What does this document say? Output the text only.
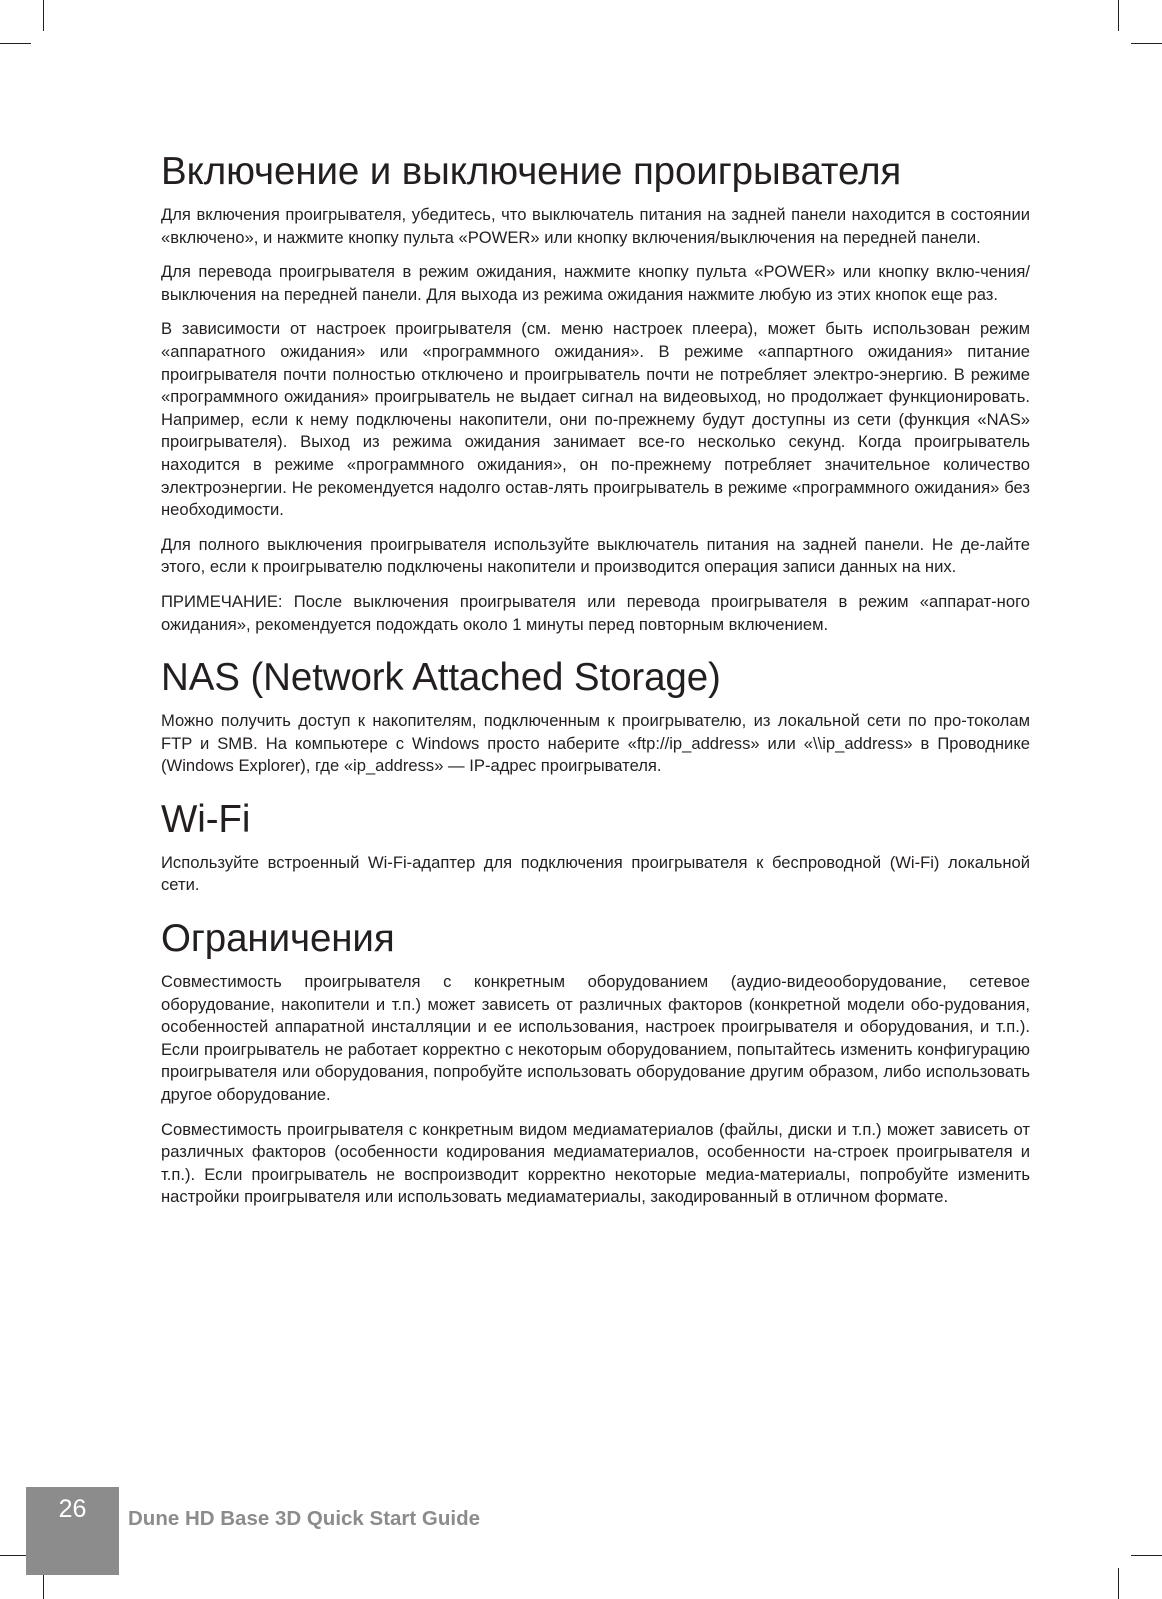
Включение и выключение проигрывателя

Для включения проигрывателя, убедитесь, что выключатель питания на задней панели находится в состоянии «включено», и нажмите кнопку пульта «POWER» или кнопку включения/выключения на передней панели.

Для перевода проигрывателя в режим ожидания, нажмите кнопку пульта «POWER» или кнопку вклю-чения/выключения на передней панели. Для выхода из режима ожидания нажмите любую из этих кнопок еще раз.

В зависимости от настроек проигрывателя (см. меню настроек плеера), может быть использован режим «аппаратного ожидания» или «программного ожидания». В режиме «аппартного ожидания» питание проигрывателя почти полностью отключено и проигрыватель почти не потребляет электро-энергию. В режиме «программного ожидания» проигрыватель не выдает сигнал на видеовыход, но продолжает функционировать. Например, если к нему подключены накопители, они по-прежнему будут доступны из сети (функция «NAS» проигрывателя). Выход из режима ожидания занимает все-го несколько секунд. Когда проигрыватель находится в режиме «программного ожидания», он по-прежнему потребляет значительное количество электроэнергии. Не рекомендуется надолго остав-лять проигрыватель в режиме «программного ожидания» без необходимости.

Для полного выключения проигрывателя используйте выключатель питания на задней панели. Не де-лайте этого, если к проигрывателю подключены накопители и производится операция записи данных на них.

ПРИМЕЧАНИЕ: После выключения проигрывателя или перевода проигрывателя в режим «аппарат-ного ожидания», рекомендуется подождать около 1 минуты перед повторным включением.

NAS (Network Attached Storage)

Можно получить доступ к накопителям, подключенным к проигрывателю, из локальной сети по про-токолам FTP и SMB. На компьютере с Windows просто наберите «ftp://ip_address» или «\\ip_address» в Проводнике (Windows Explorer), где «ip_address» — IP-адрес проигрывателя.

Wi-Fi

Используйте встроенный Wi-Fi-адаптер для подключения проигрывателя к беспроводной (Wi-Fi) локальной сети.

Ограничения

Совместимость проигрывателя с конкретным оборудованием (аудио-видеооборудование, сетевое оборудование, накопители и т.п.) может зависеть от различных факторов (конкретной модели обо-рудования, особенностей аппаратной инсталляции и ее использования, настроек проигрывателя и оборудования, и т.п.). Если проигрыватель не работает корректно с некоторым оборудованием, попытайтесь изменить конфигурацию проигрывателя или оборудования, попробуйте использовать оборудование другим образом, либо использовать другое оборудование.

Совместимость проигрывателя с конкретным видом медиаматериалов (файлы, диски и т.п.) может зависеть от различных факторов (особенности кодирования медиаматериалов, особенности на-строек проигрывателя и т.п.). Если проигрыватель не воспроизводит корректно некоторые медиа-материалы, попробуйте изменить настройки проигрывателя или использовать медиаматериалы, закодированный в отличном формате.

26	Dune HD Base 3D Quick Start Guide
